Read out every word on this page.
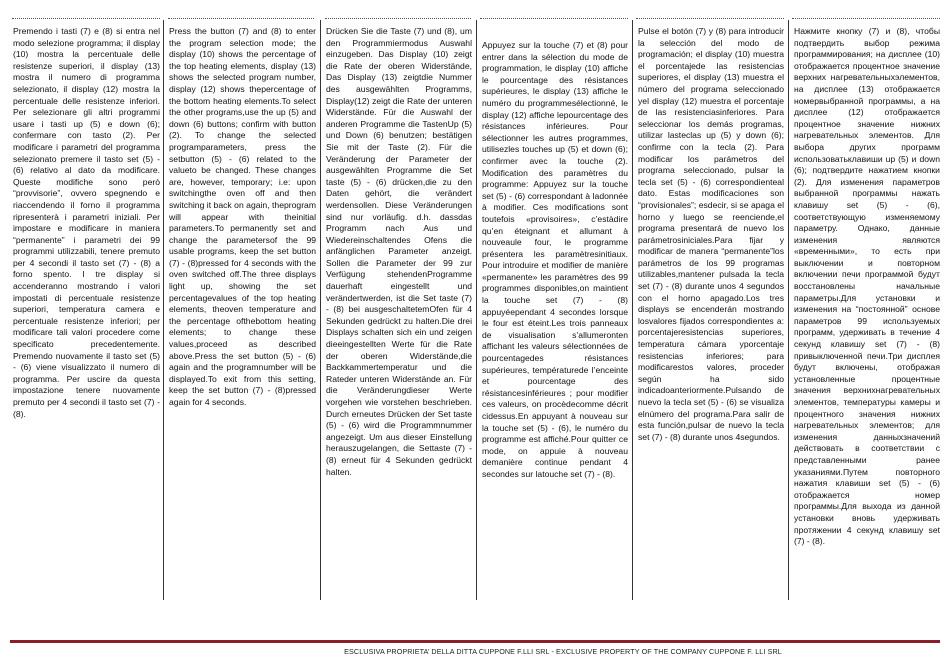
Premendo i tasti (7) e (8) si entra nel modo selezione programma; il display (10) mostra la percentuale delle resistenze superiori, il display (13) mostra il numero di programma selezionato, il display (12) mostra la percentuale delle resistenze inferiori. Per selezionare gli altri programmi usare i tasti up (5) e down (6); confermare con tasto (2). Per modificare i parametri del programma selezionato premere il tasto set (5) - (6) relativo al dato da modificare. Queste modifiche sono però “provvisorie”, ovvero spegnendo e riaccendendo il forno il programma ripresenterà i parametri iniziali. Per impostare e modificare in maniera “permanente” i parametri dei 99 programmi utilizzabili, tenere premuto per 4 secondi il tasto set (7) - (8) a forno spento. I tre display si accenderanno mostrando i valori impostati di percentuale resistenze superiori, temperatura camera e percentuale resistenze inferiori; per modificare tali valori procedere come specificato precedentemente. Premendo nuovamente il tasto set (5) - (6) viene visualizzato il numero di programma. Per uscire da questa impostazione tenere nuovamente premuto per 4 secondi il tasto set (7) - (8).

Press the button (7) and (8) to enter the program selection mode; the display (10) shows the percentage of the top heating elements, display (13) shows the selected program number, display (12) shows thepercentage of the bottom heating elements.To select the other programs,use the up (5) and down (6) buttons; confirm with button (2). To change the selected programparameters, press the setbutton (5) - (6) related to the valueto be changed. These changes are, however, temporary; i.e: upon switchingthe oven off and then switching it back on again, theprogram will appear with theinitial parameters.To permanently set and change the parametersof the 99 usable programs, keep the set button (7) - (8)pressed for 4 seconds with the oven switched off.The three displays light up, showing the set percentagevalues of the top heating elements, theoven temperature and the percentage ofthebottom heating elements; to change these values,proceed as described above.Press the set button (5) - (6) again and the programnumber will be displayed.To exit from this setting, keep the set button (7) - (8)pressed again for 4 seconds.

Drücken Sie die Taste (7) und (8), um den Programmiermodus Auswahl einzugeben. Das Display (10) zeigt die Rate der oberen Widerstände, Das Display (13) zeigtdie Nummer des ausgewählten Programms, Display(12) zeigt die Rate der unteren Widerstände. Für die Auswahl der anderen Programme die TastenUp (5) und Down (6) benutzen; bestätigen Sie mit der Taste (2). Für die Veränderung der Parameter der ausgewählten Programme die Set taste (5) - (6) drücken,die zu den Daten gehört, die verändert werdensollen. Diese Veränderungen sind nur vorläufig. d.h. dassdas Programm nach Aus und Wiedereinschaltendes Ofens die anfänglichen Parameter anzeigt. Sollen die Parameter der 99 zur Verfügung stehendenProgramme dauerhaft eingestellt und verändertwerden, ist die Set taste (7) - (8) bei ausgeschaltetemOfen für 4 Sekunden gedrückt zu halten.Die drei Displays schalten sich ein und zeigen dieeingestellten Werte für die Rate der oberen Widerstände,die Backkammertemperatur und die Rateder unteren Widerstände an. Für die Veränderungdieser Werte vorgehen wie vorstehen beschrieben. Durch erneutes Drücken der Set taste (5) - (6) wird die Programmnummer angezeigt. Um aus dieser Einstellung herauszugelangen, die Settaste (7) - (8) erneut für 4 Sekunden gedrückt halten.

Appuyez sur la touche (7) et (8) pour entrer dans la sélection du mode de programmation, le display (10) affiche le pourcentage des résistances supérieures, le display (13) affiche le numéro du programmesélectionné, le display (12) affiche lepourcentage des résistances inférieures. Pour sélectionner les autres programmes, utilisezles touches up (5) et down (6); confirmer avec la touche (2). Modification des paramètres du programme: Appuyez sur la touche set (5) - (6) correspondant à ladonnée à modifier. Ces modifications sont toutefois «provisoires», c’estàdire qu’en éteignant et allumant à nouveaule four, le programme présentera les paramètresinitiaux. Pour introduire et modifier de manière «permanente» les paramètres des 99 programmes disponibles,on maintient la touche set (7) - (8) appuyéependant 4 secondes lorsque le four est éteint.Les trois panneaux de visualisation s’allumeronten affichant les valeurs sélectionnées de pourcentagedes résistances supérieures, températurede l’enceinte et pourcentage des résistancesinférieures ; pour modifier ces valeurs, on procèdecomme décrit cidessus.En appuyant à nouveau sur la touche set (5) - (6), le numéro du programme est affiché.Pour quitter ce mode, on appuie à nouveau demanière continue pendant 4 secondes sur latouche set (7) - (8).

Pulse el botón (7) y (8) para introducir la selección del modo de programación; el display (10) muestra el porcentajede las resistencias superiores, el display (13) muestra el número del programa seleccionado yel display (12) muestra el porcentaje de las resistenciasinferiores. Para seleccionar los demás programas, utilizar lasteclas up (5) y down (6); confirme con la tecla (2). Para modificar los parámetros del programa seleccionado, pulsar la tecla set (5) - (6) correspondienteal dato. Estas modificaciones son “provisionales”; esdecir, si se apaga el horno y luego se reenciende,el programa presentará de nuevo los parámetrosiniciales.Para fijar y modificar de manera “permanente”los parámetros de los 99 programas utilizables,mantener pulsada la tecla set (7) - (8) durante unos 4 segundos con el horno apagado.Los tres displays se encenderán mostrando losvalores fijados correspondientes a: porcentajeresistencias superiores, temperatura cámara yporcentaje resistencias inferiores; para modificarestos valores, proceder según ha sido indicadoanteriormente.Pulsando de nuevo la tecla set (5) - (6) se visualiza elnúmero del programa.Para salir de esta función,pulsar de nuevo la tecla set (7) - (8) durante unos 4segundos.

Нажмите кнопку (7) и (8), чтобы подтвердить выбор режима программирования; на дисплее (10) отображается процентное значение верхних нагревательныхэлементов, на дисплее (13) отображается номервыбранной программы, а на дисплее (12) отображается процентное значение нижних нагревательных элементов. Для выбора других программ использоватьклавиши up (5) и down (6); подтвердите нажатием кнопки (2). Для изменения параметров выбранной программы нажать клавишу set (5) - (6), соответствующую изменяемому параметру. Однако, данные изменения являются «временными», то есть при выключении и повторном включении печи программой будут восстановлены начальные параметры.Для установки и изменения на “постоянной” основе параметров 99 используемых программ, удерживать в течение 4 секунд клавишу set (7) - (8) привыключенной печи.Три дисплея будут включены, отображая установленные процентные значения верхнихнагревательных элементов, температуры камеры и процентного значения нижних нагревательных элементов; для изменения данныхзначений действовать в соответствии с представленными ранее указаниями.Путем повторного нажатия клавиши set (5) - (6) отображается номер программы.Для выхода из данной установки вновь удерживать протяжении 4 секунд клавишу set (7) - (8).

ESCLUSIVA PROPRIETA’ DELLA DITTA CUPPONE F.LLI SRL - EXCLUSIVE PROPERTY OF THE COMPANY CUPPONE F. LLI SRL
